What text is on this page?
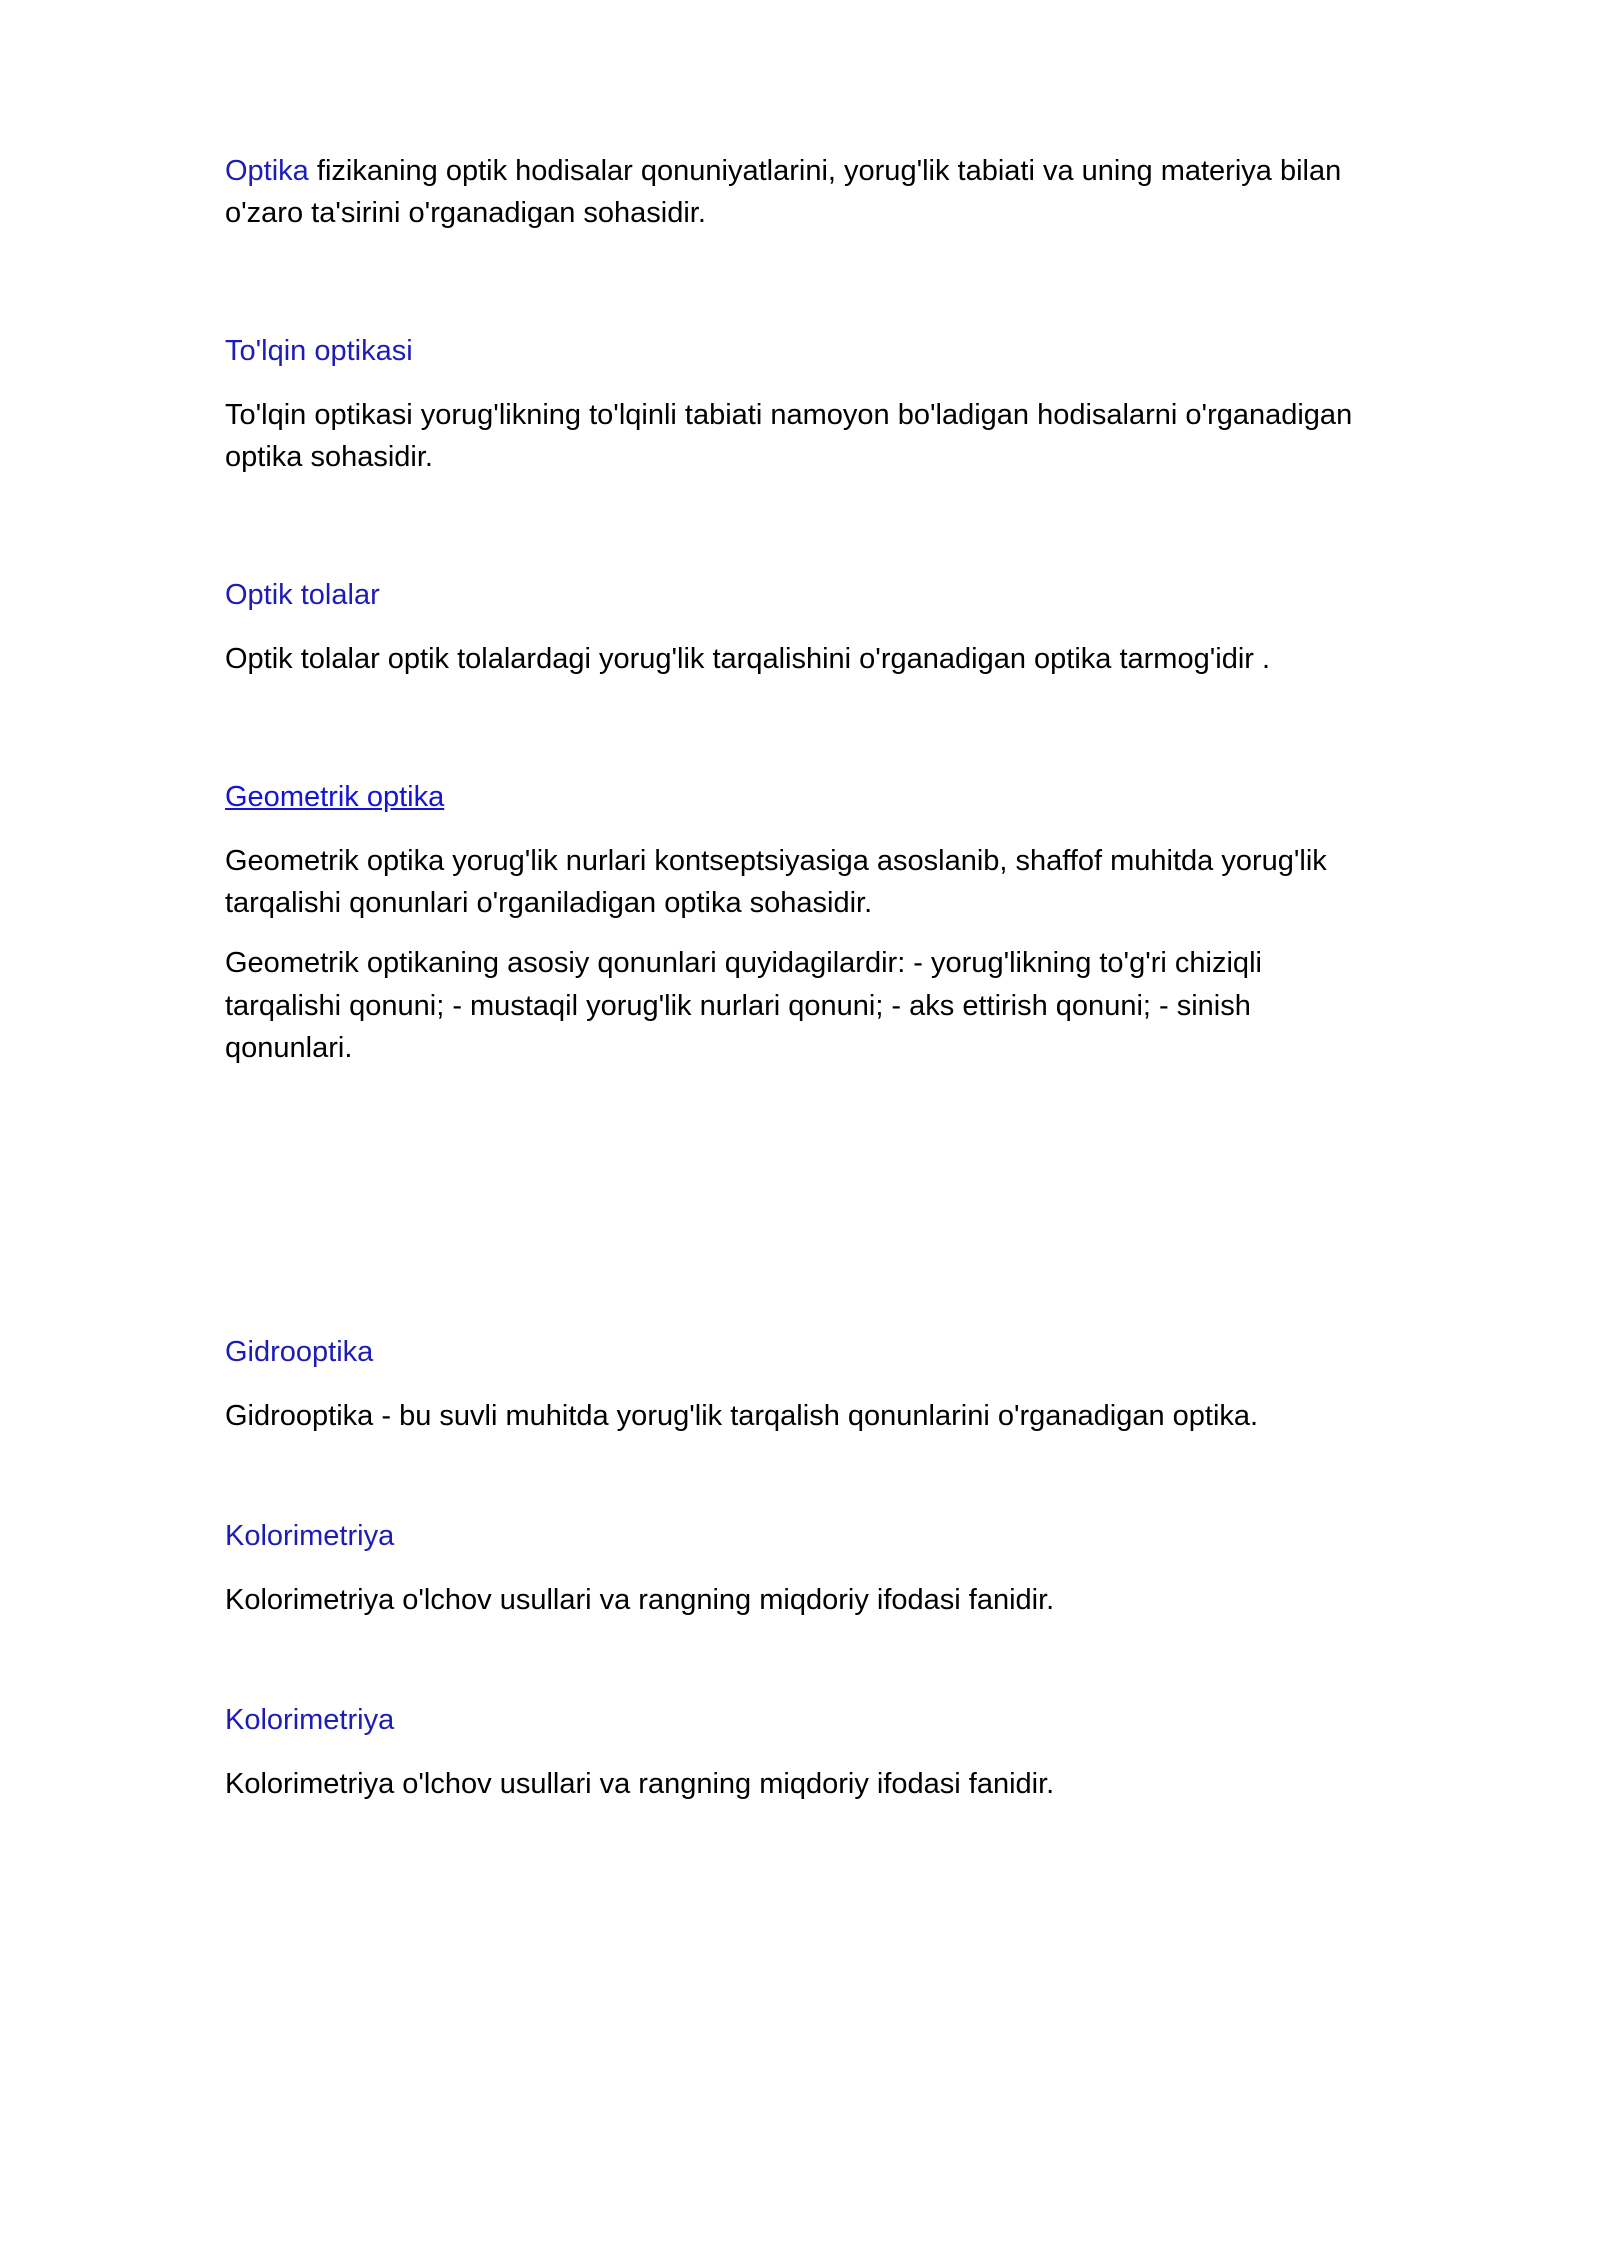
Optika fizikaning optik hodisalar qonuniyatlarini, yorug'lik tabiati va uning materiya bilan o'zaro ta'sirini o'rganadigan sohasidir.

To'lqin optikasi

To'lqin optikasi yorug'likning to'lqinli tabiati namoyon bo'ladigan hodisalarni o'rganadigan optika sohasidir.

Optik tolalar

Optik tolalar optik tolalardagi yorug'lik tarqalishini o'rganadigan optika tarmog'idir .

Geometrik optika

Geometrik optika yorug'lik nurlari kontseptsiyasiga asoslanib, shaffof muhitda yorug'lik tarqalishi qonunlari o'rganiladigan optika sohasidir.

Geometrik optikaning asosiy qonunlari quyidagilardir: - yorug'likning to'g'ri chiziqli tarqalishi qonuni; - mustaqil yorug'lik nurlari qonuni; - aks ettirish qonuni; - sinish qonunlari.

Gidrooptika

Gidrooptika - bu suvli muhitda yorug'lik tarqalish qonunlarini o'rganadigan optika.

Kolorimetriya

Kolorimetriya o'lchov usullari va rangning miqdoriy ifodasi fanidir.

Kolorimetriya

Kolorimetriya o'lchov usullari va rangning miqdoriy ifodasi fanidir.
